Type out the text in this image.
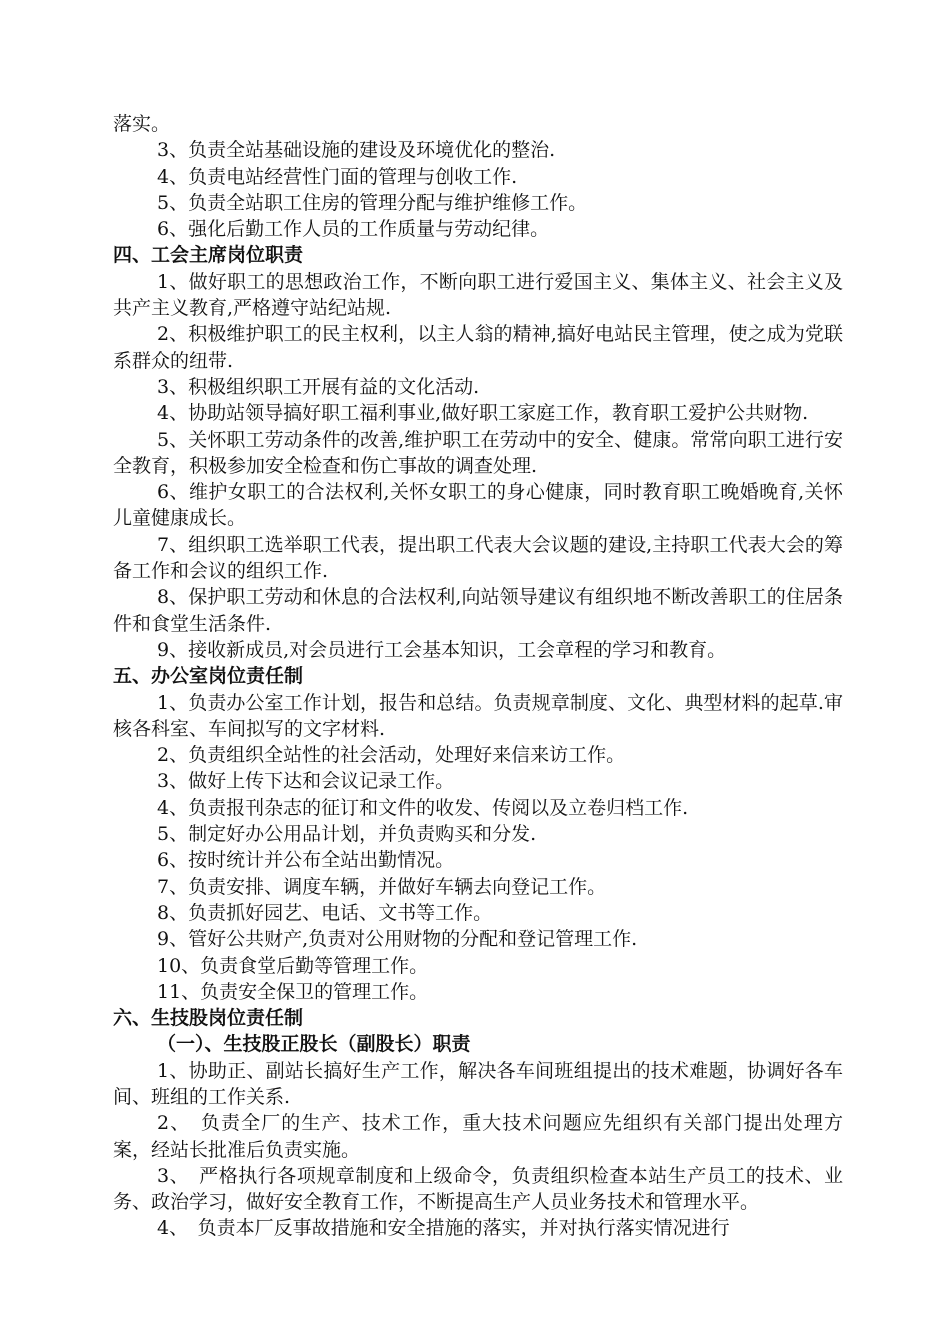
落实。

3、负责全站基础设施的建设及环境优化的整治.

4、负责电站经营性门面的管理与创收工作.

5、负责全站职工住房的管理分配与维护维修工作。

6、强化后勤工作人员的工作质量与劳动纪律。

四、工会主席岗位职责

1、做好职工的思想政治工作，不断向职工进行爱国主义、集体主义、社会主义及共产主义教育,严格遵守站纪站规.

2、积极维护职工的民主权利，以主人翁的精神,搞好电站民主管理，使之成为党联系群众的纽带.

3、积极组织职工开展有益的文化活动.

4、协助站领导搞好职工福利事业,做好职工家庭工作，教育职工爱护公共财物.

5、关怀职工劳动条件的改善,维护职工在劳动中的安全、健康。常常向职工进行安全教育，积极参加安全检查和伤亡事故的调查处理.

6、维护女职工的合法权利,关怀女职工的身心健康，同时教育职工晚婚晚育,关怀儿童健康成长。

7、组织职工选举职工代表，提出职工代表大会议题的建设,主持职工代表大会的筹备工作和会议的组织工作.

8、保护职工劳动和休息的合法权利,向站领导建议有组织地不断改善职工的住居条件和食堂生活条件.

9、接收新成员,对会员进行工会基本知识，工会章程的学习和教育。

五、办公室岗位责任制

1、负责办公室工作计划，报告和总结。负责规章制度、文化、典型材料的起草.审核各科室、车间拟写的文字材料.

2、负责组织全站性的社会活动，处理好来信来访工作。

3、做好上传下达和会议记录工作。

4、负责报刊杂志的征订和文件的收发、传阅以及立卷归档工作.

5、制定好办公用品计划，并负责购买和分发.

6、按时统计并公布全站出勤情况。

7、负责安排、调度车辆，并做好车辆去向登记工作。

8、负责抓好园艺、电话、文书等工作。

9、管好公共财产,负责对公用财物的分配和登记管理工作.

10、负责食堂后勤等管理工作。

11、负责安全保卫的管理工作。

六、生技股岗位责任制

（一）、生技股正股长（副股长）职责

1、协助正、副站长搞好生产工作，解决各车间班组提出的技术难题，协调好各车间、班组的工作关系.

2、　负责全厂的生产、技术工作，重大技术问题应先组织有关部门提出处理方案，经站长批准后负责实施。

3、　严格执行各项规章制度和上级命令，负责组织检查本站生产员工的技术、业务、政治学习，做好安全教育工作，不断提高生产人员业务技术和管理水平。

4、　负责本厂反事故措施和安全措施的落实，并对执行落实情况进行
